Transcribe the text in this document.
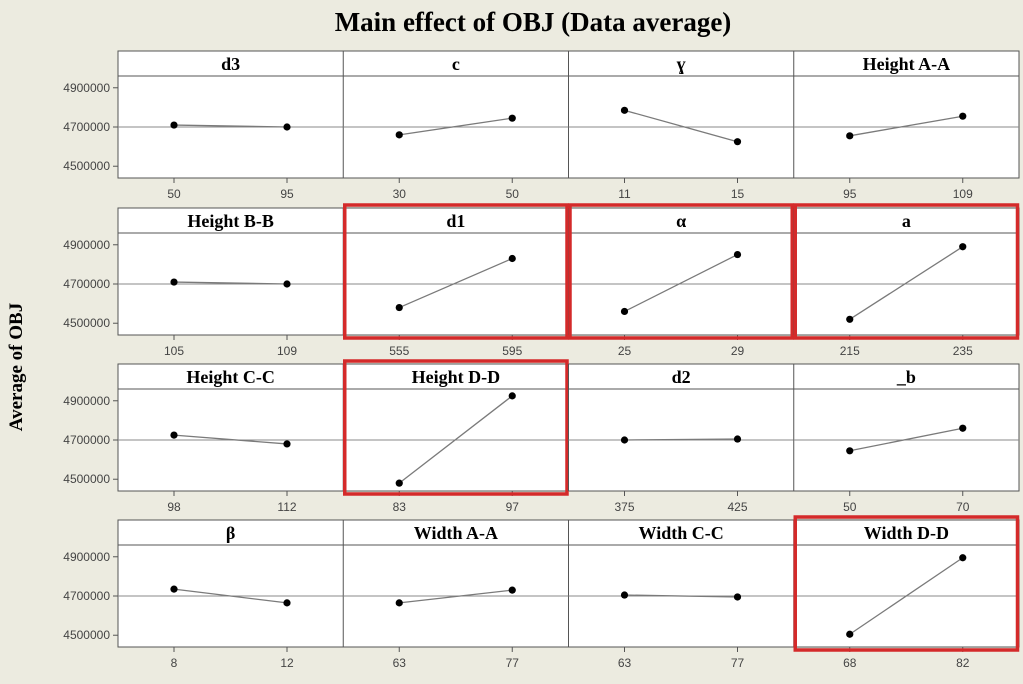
Main effect of OBJ (Data average)
Average of OBJ
4900000
4700000
4500000
d3
50	95
c
30	50
ɣ
11	15
Height A-A
95	109
4900000
4700000
4500000
Height B-B
105	109
d1
555	595
α
25	29
a
215	235
4900000
4700000
4500000
Height C-C
98	112
Height D-D
83	97
d2
375	425
_b
50	70
4900000
4700000
4500000
β
8	12
Width A-A
63	77
Width C-C
63	77
Width D-D
68	82
